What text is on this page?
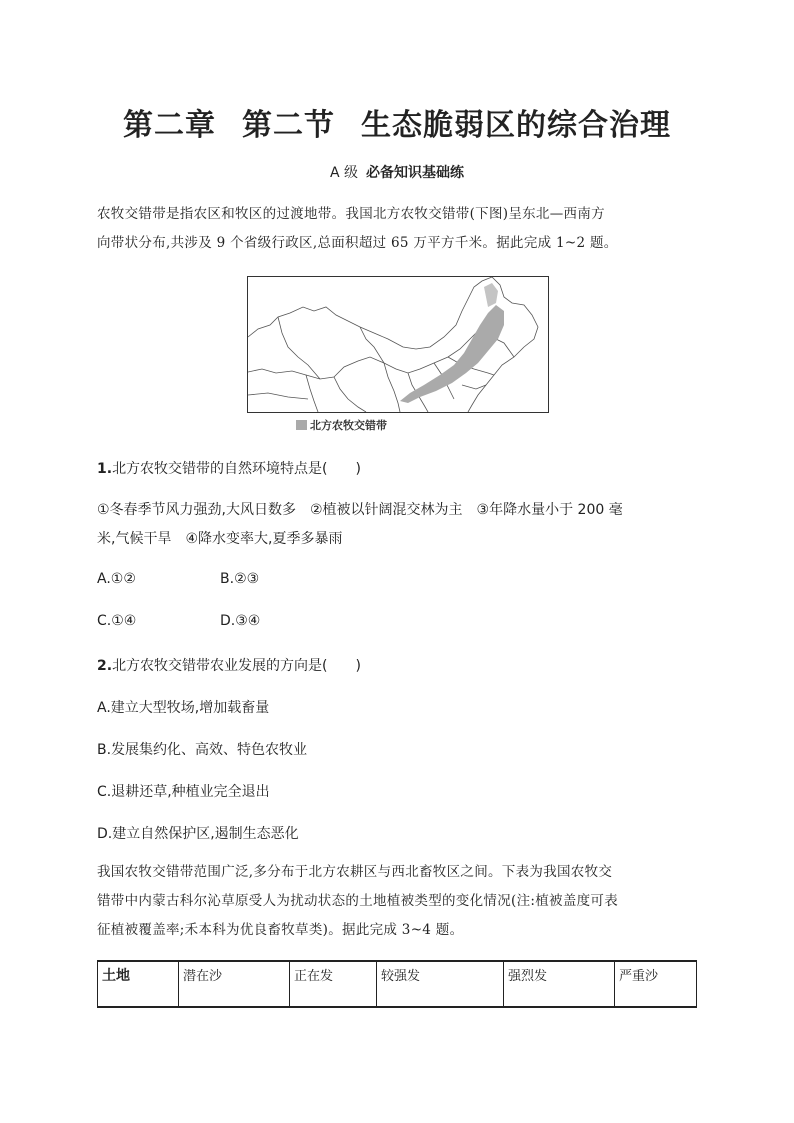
第二章 第二节 生态脆弱区的综合治理
A 级 必备知识基础练

农牧交错带是指农区和牧区的过渡地带。我国北方农牧交错带(下图)呈东北—西南方

向带状分布,共涉及 9 个省级行政区,总面积超过 65 万平方千米。据此完成 1~2 题。

北方农牧交错带
1.北方农牧交错带的自然环境特点是(　　)
①冬春季节风力强劲,大风日数多　②植被以针阔混交林为主　③年降水量小于 200 毫
米,气候干旱　④降水变率大,夏季多暴雨
A.①②	B.②③
C.①④	D.③④
2.北方农牧交错带农业发展的方向是(　　)
A.建立大型牧场,增加载畜量
B.发展集约化、高效、特色农牧业
C.退耕还草,种植业完全退出
D.建立自然保护区,遏制生态恶化

我国农牧交错带范围广泛,多分布于北方农耕区与西北畜牧区之间。下表为我国农牧交

错带中内蒙古科尔沁草原受人为扰动状态的土地植被类型的变化情况(注:植被盖度可表

征植被覆盖率;禾本科为优良畜牧草类)。据此完成 3~4 题。

土地	潜在沙	正在发	较强发	强烈发	严重沙
